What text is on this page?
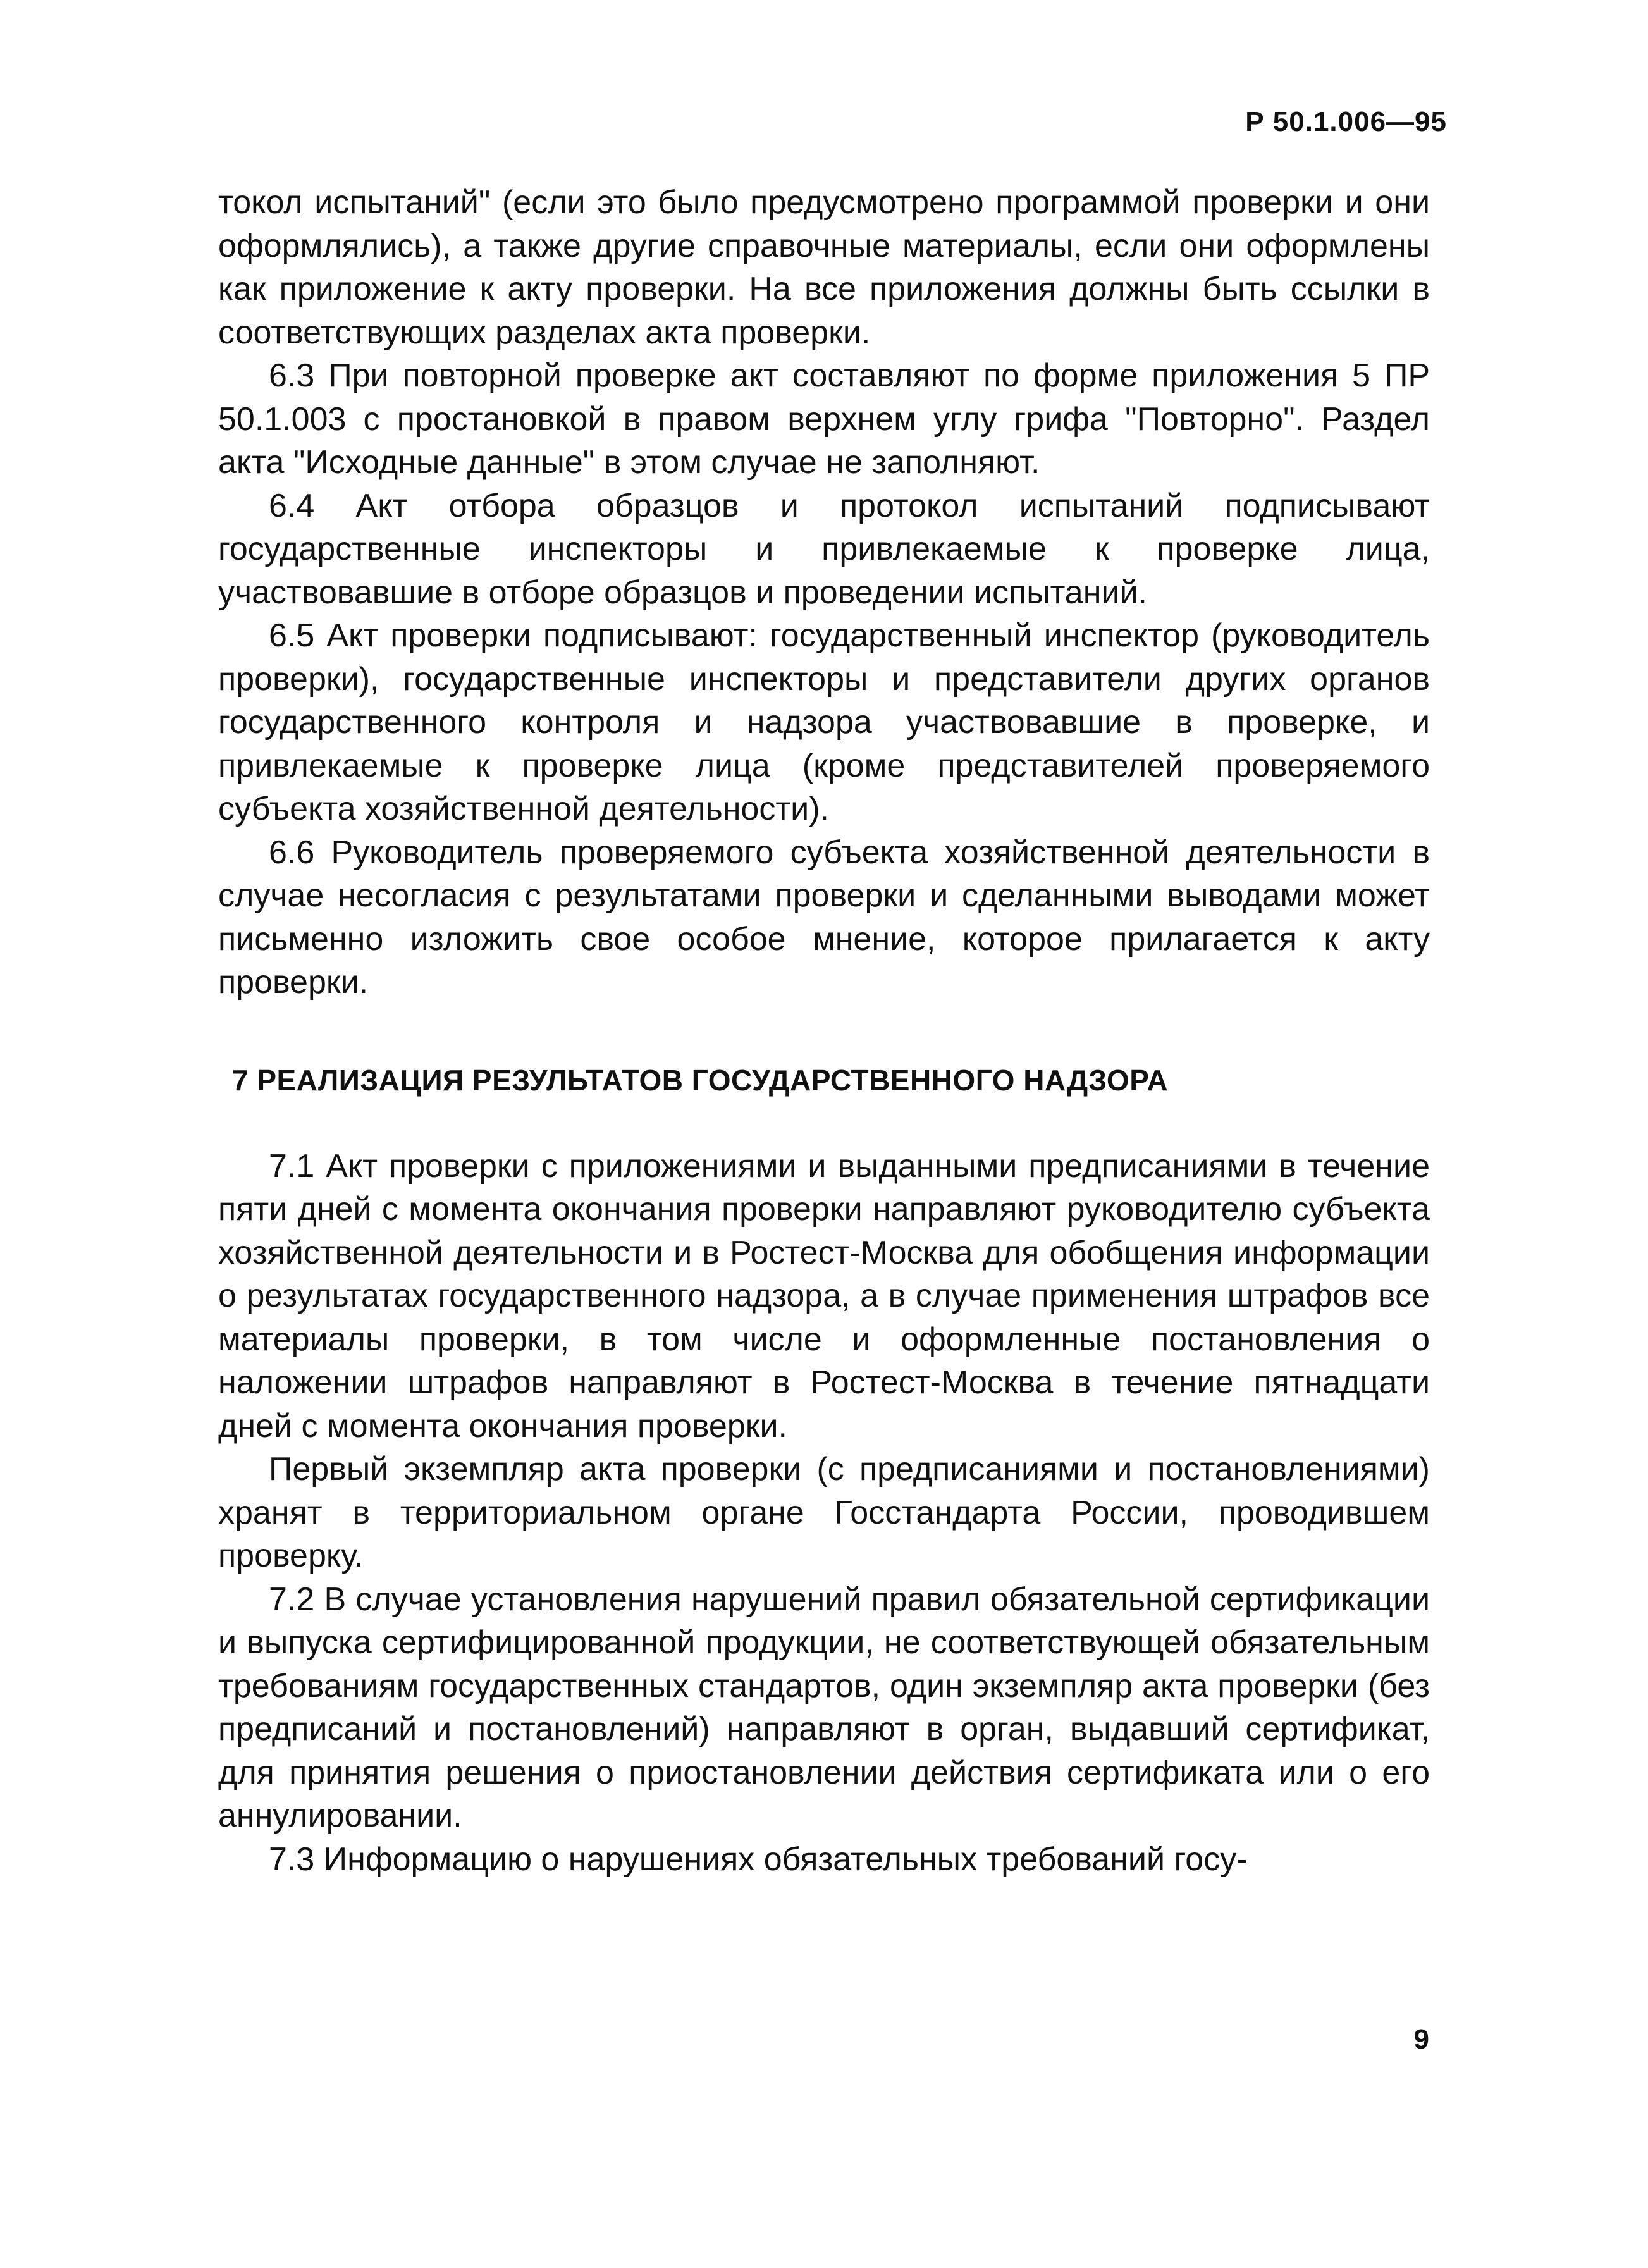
Р 50.1.006—95

токол испытаний" (если это было предусмотрено программой проверки и они оформлялись), а также другие справочные материалы, если они оформлены как приложение к акту проверки. На все приложения должны быть ссылки в соответствующих разделах акта проверки.

6.3 При повторной проверке акт составляют по форме приложения 5 ПР 50.1.003 с простановкой в правом верхнем углу грифа "Повторно". Раздел акта "Исходные данные" в этом случае не заполняют.

6.4 Акт отбора образцов и протокол испытаний подписывают государственные инспекторы и привлекаемые к проверке лица, участвовавшие в отборе образцов и проведении испытаний.

6.5 Акт проверки подписывают: государственный инспектор (руководитель проверки), государственные инспекторы и представители других органов государственного контроля и надзора участвовавшие в проверке, и привлекаемые к проверке лица (кроме представителей проверяемого субъекта хозяйственной деятельности).

6.6 Руководитель проверяемого субъекта хозяйственной деятельности в случае несогласия с результатами проверки и сделанными выводами может письменно изложить свое особое мнение, которое прилагается к акту проверки.

7 РЕАЛИЗАЦИЯ РЕЗУЛЬТАТОВ ГОСУДАРСТВЕННОГО НАДЗОРА

7.1 Акт проверки с приложениями и выданными предписаниями в течение пяти дней с момента окончания проверки направляют руководителю субъекта хозяйственной деятельности и в Ростест-Москва для обобщения информации о результатах государственного надзора, а в случае применения штрафов все материалы проверки, в том числе и оформленные постановления о наложении штрафов направляют в Ростест-Москва в течение пятнадцати дней с момента окончания проверки.

Первый экземпляр акта проверки (с предписаниями и постановлениями) хранят в территориальном органе Госстандарта России, проводившем проверку.

7.2 В случае установления нарушений правил обязательной сертификации и выпуска сертифицированной продукции, не соответствующей обязательным требованиям государственных стандартов, один экземпляр акта проверки (без предписаний и постановлений) направляют в орган, выдавший сертификат, для принятия решения о приостановлении действия сертификата или о его аннулировании.

7.3 Информацию о нарушениях обязательных требований госу-

9
